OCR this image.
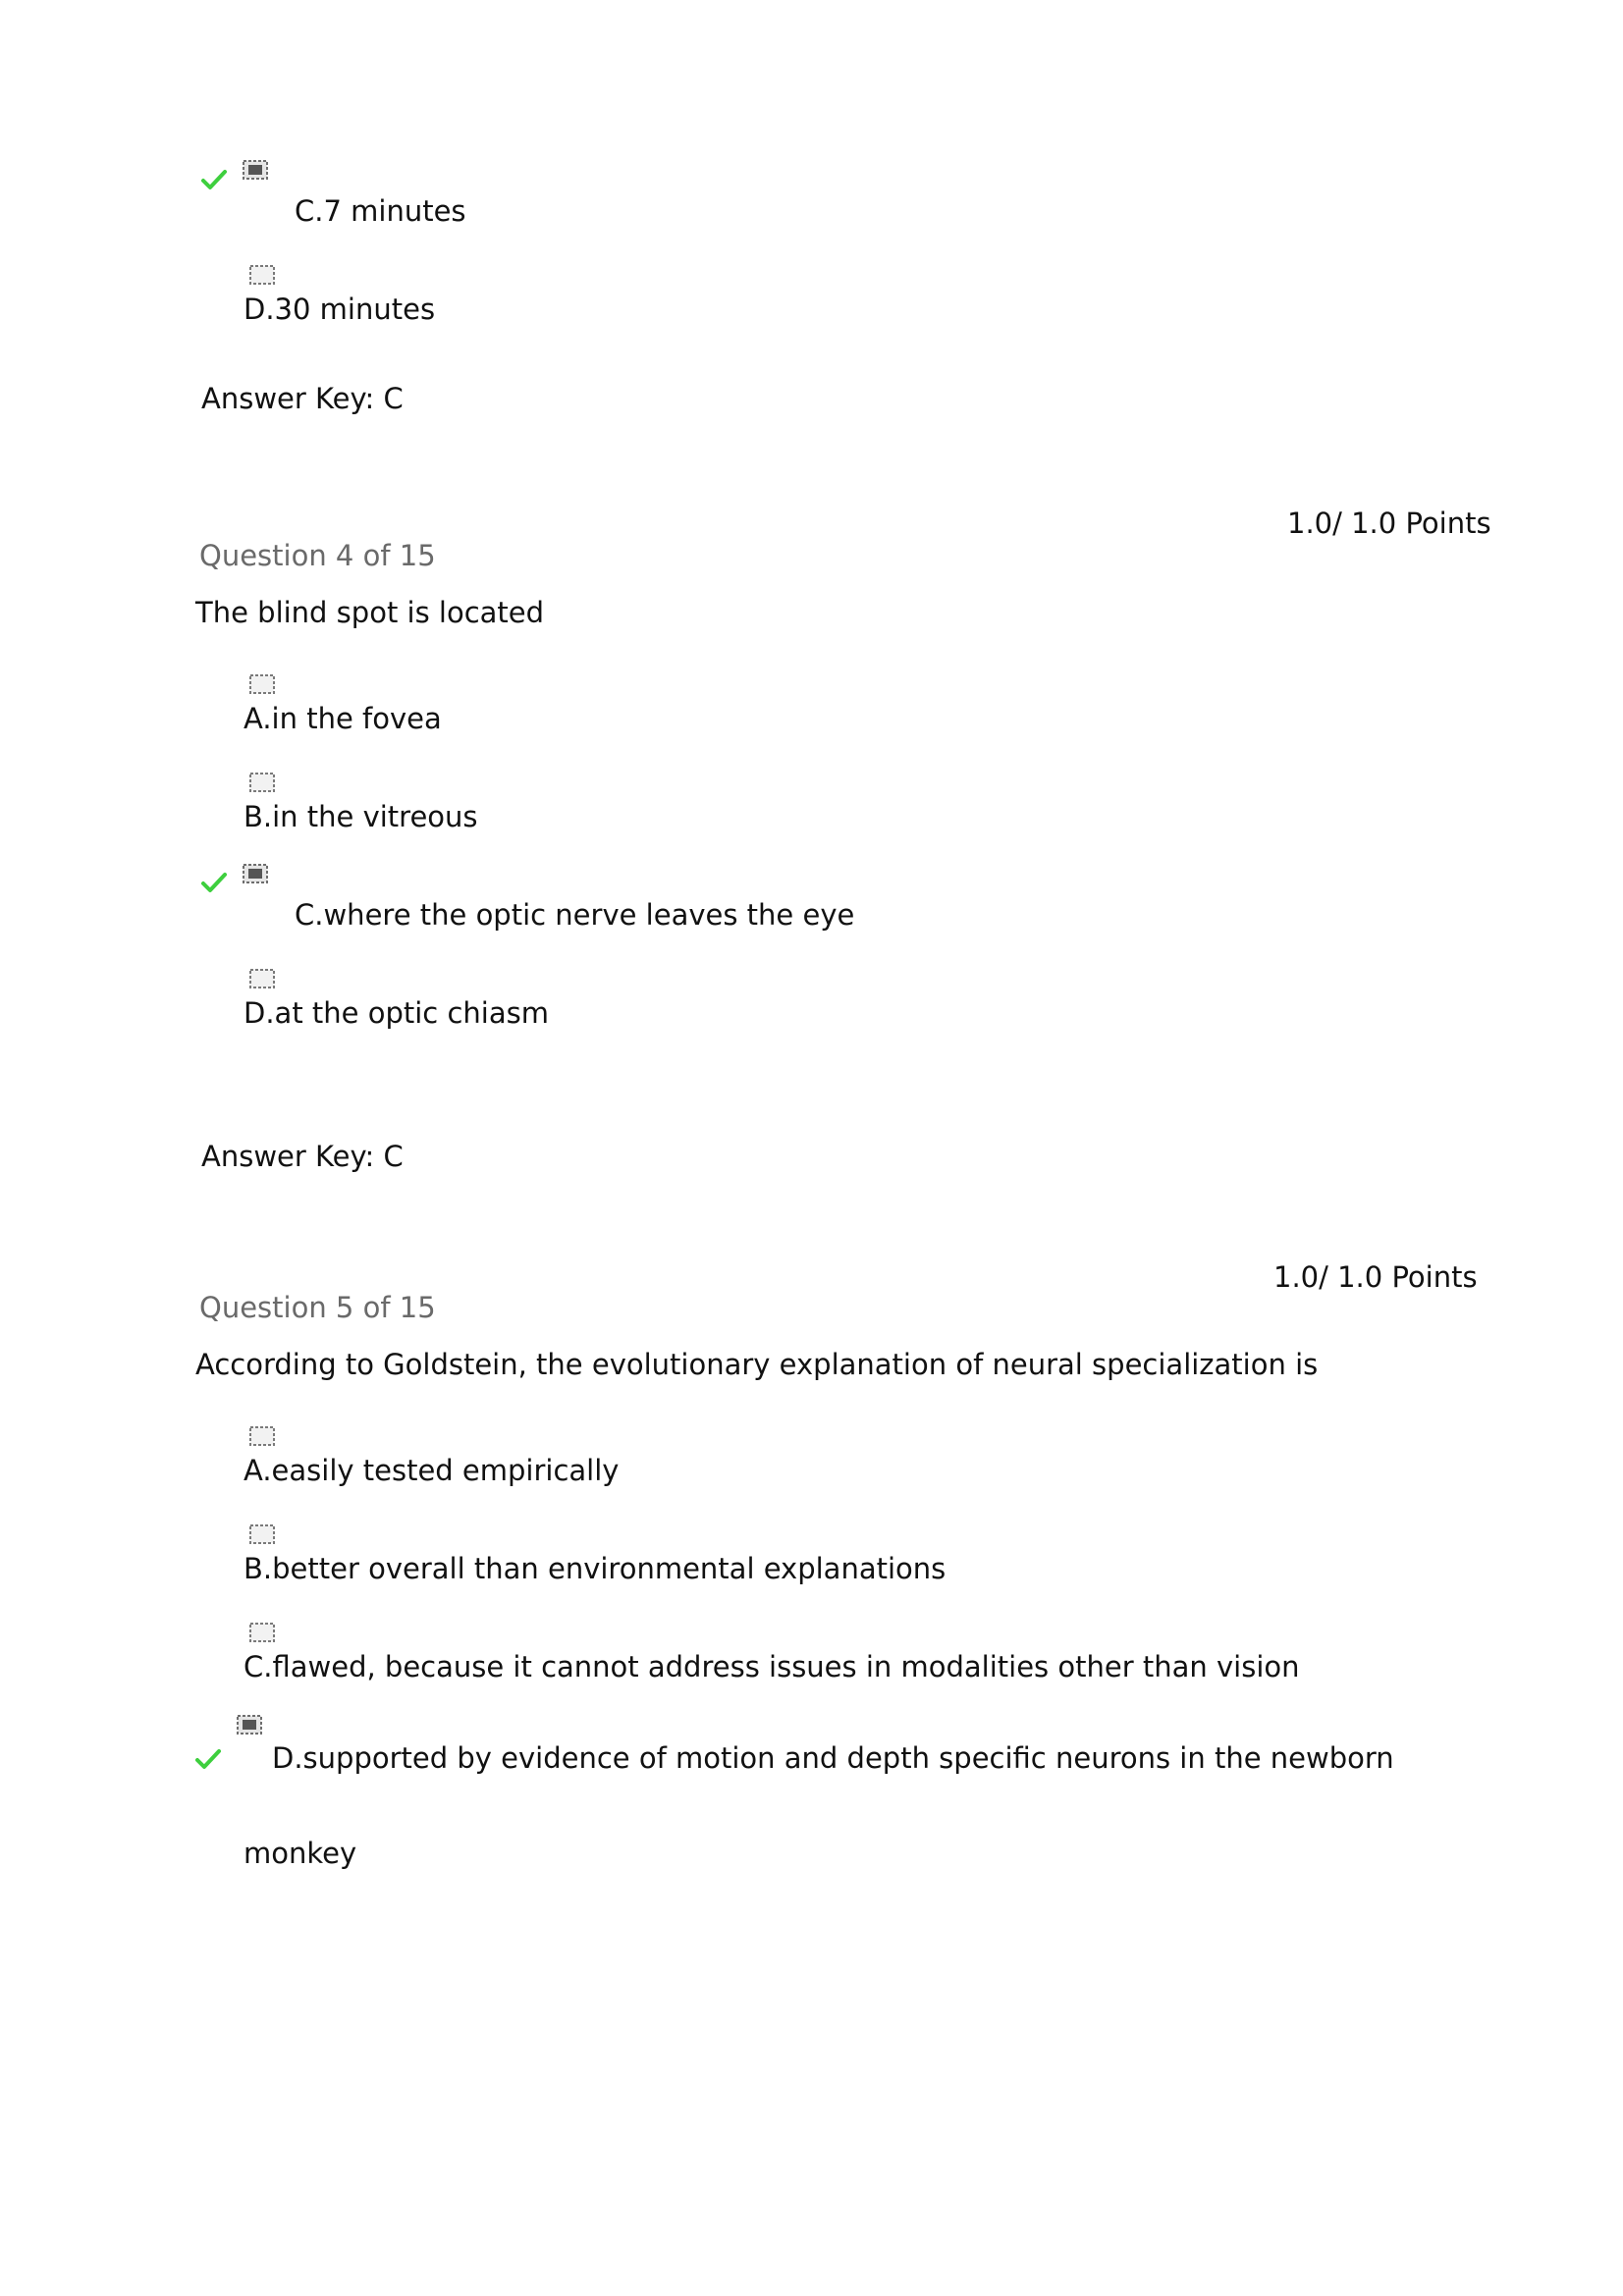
C.7 minutes
D.30 minutes
Answer Key: C
1.0/ 1.0 Points
Question 4 of 15
The blind spot is located
A.in the fovea
B.in the vitreous
C.where the optic nerve leaves the eye
D.at the optic chiasm
Answer Key: C
1.0/ 1.0 Points
Question 5 of 15
According to Goldstein, the evolutionary explanation of neural specialization is
A.easily tested empirically
B.better overall than environmental explanations
C.flawed, because it cannot address issues in modalities other than vision
D.supported by evidence of motion and depth specific neurons in the newborn
monkey
